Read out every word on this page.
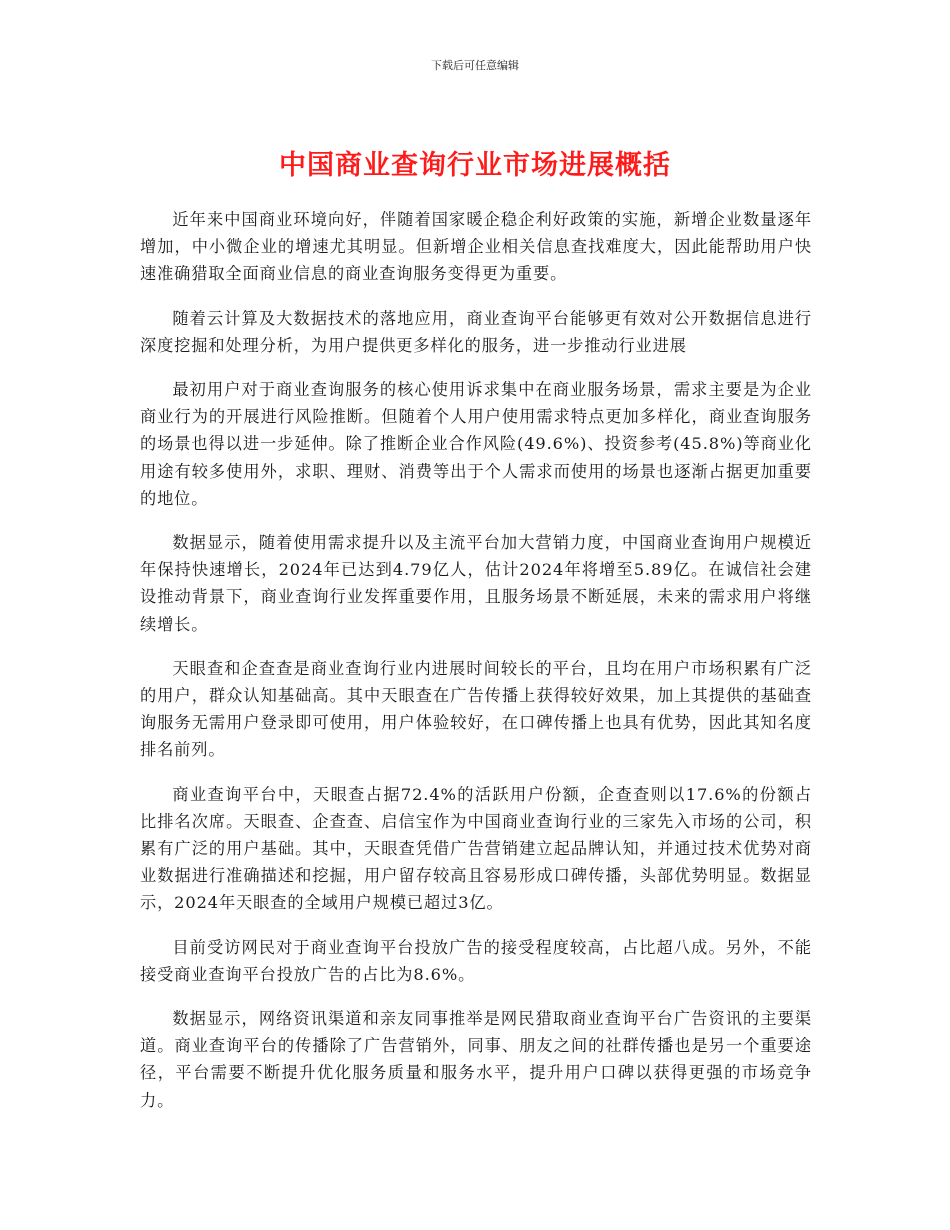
下载后可任意编辑
中国商业查询行业市场进展概括

近年来中国商业环境向好，伴随着国家暖企稳企利好政策的实施，新增企业数量逐年增加，中小微企业的增速尤其明显。但新增企业相关信息查找难度大，因此能帮助用户快速准确猎取全面商业信息的商业查询服务变得更为重要。

随着云计算及大数据技术的落地应用，商业查询平台能够更有效对公开数据信息进行深度挖掘和处理分析，为用户提供更多样化的服务，进一步推动行业进展

最初用户对于商业查询服务的核心使用诉求集中在商业服务场景，需求主要是为企业商业行为的开展进行风险推断。但随着个人用户使用需求特点更加多样化，商业查询服务的场景也得以进一步延伸。除了推断企业合作风险(49.6%)、投资参考(45.8%)等商业化用途有较多使用外，求职、理财、消费等出于个人需求而使用的场景也逐渐占据更加重要的地位。

数据显示，随着使用需求提升以及主流平台加大营销力度，中国商业查询用户规模近年保持快速增长，2024年已达到4.79亿人，估计2024年将增至5.89亿。在诚信社会建设推动背景下，商业查询行业发挥重要作用，且服务场景不断延展，未来的需求用户将继续增长。

天眼查和企查查是商业查询行业内进展时间较长的平台，且均在用户市场积累有广泛的用户，群众认知基础高。其中天眼查在广告传播上获得较好效果，加上其提供的基础查询服务无需用户登录即可使用，用户体验较好，在口碑传播上也具有优势，因此其知名度排名前列。

商业查询平台中，天眼查占据72.4%的活跃用户份额，企查查则以17.6%的份额占比排名次席。天眼查、企查查、启信宝作为中国商业查询行业的三家先入市场的公司，积累有广泛的用户基础。其中，天眼查凭借广告营销建立起品牌认知，并通过技术优势对商业数据进行准确描述和挖掘，用户留存较高且容易形成口碑传播，头部优势明显。数据显示，2024年天眼查的全域用户规模已超过3亿。

目前受访网民对于商业查询平台投放广告的接受程度较高，占比超八成。另外，不能接受商业查询平台投放广告的占比为8.6%。

数据显示，网络资讯渠道和亲友同事推举是网民猎取商业查询平台广告资讯的主要渠道。商业查询平台的传播除了广告营销外，同事、朋友之间的社群传播也是另一个重要途径，平台需要不断提升优化服务质量和服务水平，提升用户口碑以获得更强的市场竞争力。
